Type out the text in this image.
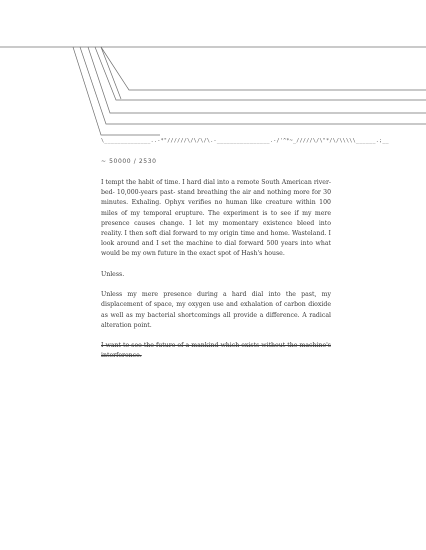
\______________..-*"//////\/\/\/\.-________________.-/'^*~_/////\/\"*/\/\\\\\______.;__
~ 50000 / 2530

I tempt the habit of time. I hard dial into a remote South American river-bed- 10,000-years past- stand breathing the air and nothing more for 30 minutes. Exhaling. Ophyx verifies no human like creature within 100 miles of my temporal erupture. The experiment is to see if my mere presence causes change. I let my momentary existence bleed into reality. I then soft dial forward to my origin time and home. Wasteland. I look around and I set the machine to dial forward 500 years into what would be my own future in the exact spot of Hash's house.

Unless.

Unless my mere presence during a hard dial into the past, my displacement of space, my oxygen use and exhalation of carbon dioxide as well as my bacterial shortcomings all provide a difference. A radical alteration point.

I want to see the future of a mankind which exists without the machine's interference.
